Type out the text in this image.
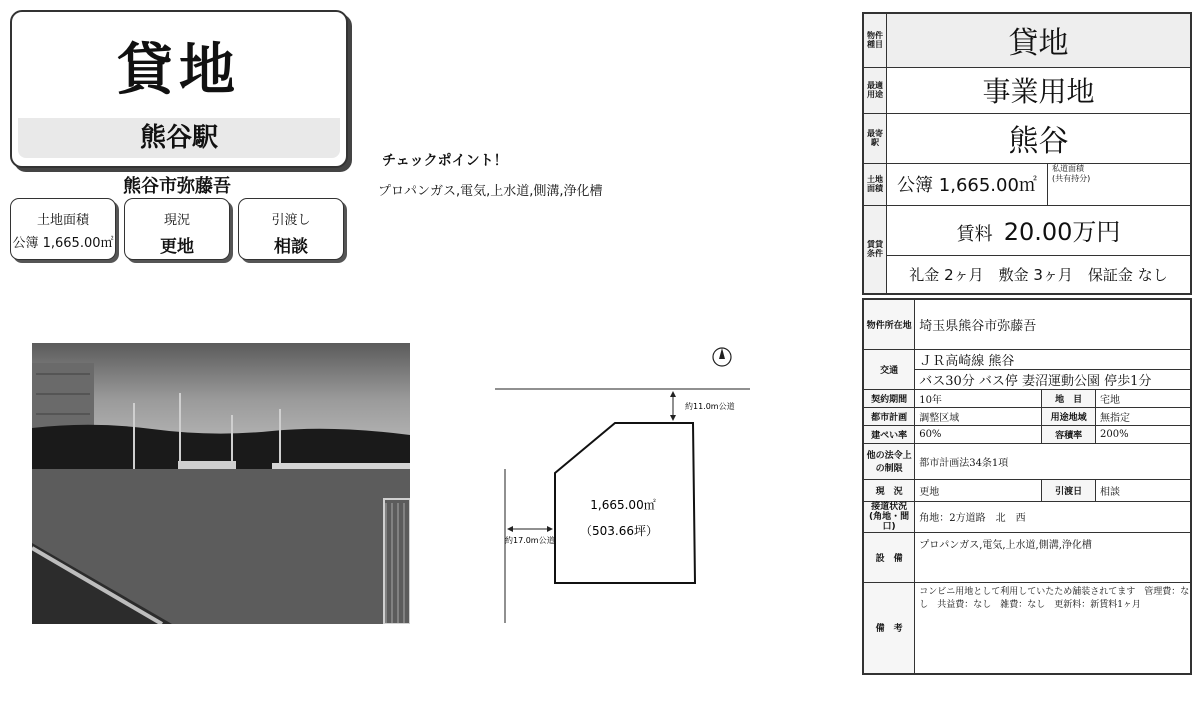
貸地
熊谷駅
熊谷市弥藤吾
土地面積
公簿 1,665.00㎡
現況
更地
引渡し
相談
チェックポイント！
プロパンガス,電気,上水道,側溝,浄化槽
約11.0m公道
約17.0m公道
1,665.00㎡
（503.66坪）
物件種目	貸地	
最適用途	事業用地	
最寄駅	熊谷	
土地面積	公簿 1,665.00㎡	私道面積
(共有持分)
賃貸条件	賃料 20.00万円
礼金 2ヶ月　敷金 3ヶ月　保証金 なし	
物件所在地	埼玉県熊谷市弥藤吾		
交通	ＪＲ高崎線 熊谷		
	バス30分 バス停 妻沼運動公園 停歩1分		
契約期間	10年	地　目	宅地
都市計画	調整区域	用途地域	無指定
建ぺい率	60%	容積率	200%
他の法令上の制限	都市計画法34条1項		
現　況	更地	引渡日	相談
接道状況
(角地・間口)	角地：2方道路　北　西		
設　備	プロパンガス,電気,上水道,側溝,浄化槽		
備　考	コンビニ用地として利用していたため舗装されてます　管理費：なし　共益費：なし　雑費：なし　更新料：新賃料1ヶ月		
